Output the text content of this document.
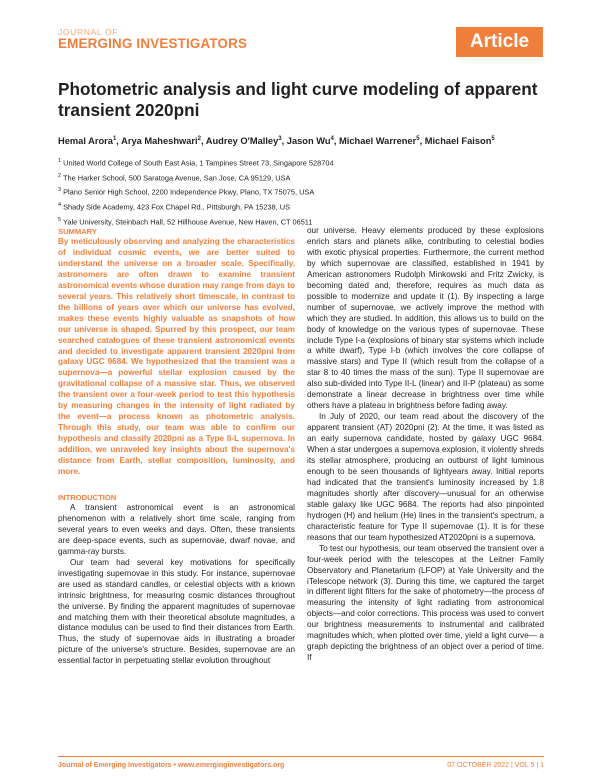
JOURNAL OF
EMERGING INVESTIGATORS	Article
Photometric analysis and light curve modeling of apparent transient 2020pni
Hemal Arora$^1$, Arya Maheshwari$^2$, Audrey O'Malley$^3$, Jason Wu$^4$, Michael Warrener$^5$, Michael Faison$^5$
$^1$ United World College of South East Asia, 1 Tampines Street 73, Singapore 528704
$^2$ The Harker School, 500 Saratoga Avenue, San Jose, CA 95129, USA
$^3$ Plano Senior High School, 2200 Independence Pkwy, Plano, TX 75075, USA
$^4$ Shady Side Academy, 423 Fox Chapel Rd., Pittsburgh, PA 15238, US
$^5$ Yale University, Steinbach Hall, 52 Hillhouse Avenue, New Haven, CT 06511
SUMMARY

By meticulously observing and analyzing the characteristics of individual cosmic events, we are better suited to understand the universe on a broader scale. Specifically, astronomers are often drawn to examine transient astronomical events whose duration may range from days to several years. This relatively short timescale, in contrast to the billions of years over which our universe has evolved, makes these events highly valuable as snapshots of how our universe is shaped. Spurred by this prospect, our team searched catalogues of these transient astronomical events and decided to investigate apparent transient 2020pni from galaxy UGC 9684. We hypothesized that the transient was a supernova—a powerful stellar explosion caused by the gravitational collapse of a massive star. Thus, we observed the transient over a four-week period to test this hypothesis by measuring changes in the intensity of light radiated by the event—a process known as photometric analysis. Through this study, our team was able to confirm our hypothesis and classify 2020pni as a Type II-L supernova. In addition, we unraveled key insights about the supernova's distance from Earth, stellar composition, luminosity, and more.

INTRODUCTION

A transient astronomical event is an astronomical phenomenon with a relatively short time scale, ranging from several years to even weeks and days. Often, these transients are deep-space events, such as supernovae, dwarf novae, and gamma-ray bursts.

Our team had several key motivations for specifically investigating supernovae in this study. For instance, supernovae are used as standard candles, or celestial objects with a known intrinsic brightness, for measuring cosmic distances throughout the universe. By finding the apparent magnitudes of supernovae and matching them with their theoretical absolute magnitudes, a distance modulus can be used to find their distances from Earth. Thus, the study of supernovae aids in illustrating a broader picture of the universe's structure. Besides, supernovae are an essential factor in perpetuating stellar evolution throughout

our universe. Heavy elements produced by these explosions enrich stars and planets alike, contributing to celestial bodies with exotic physical properties. Furthermore, the current method by which supernovae are classified, established in 1941 by American astronomers Rudolph Minkowski and Fritz Zwicky, is becoming dated and, therefore, requires as much data as possible to modernize and update it (1). By inspecting a large number of supernovae, we actively improve the method with which they are studied. In addition, this allows us to build on the body of knowledge on the various types of supernovae. These include Type I-a (explosions of binary star systems which include a white dwarf), Type I-b (which involves the core collapse of massive stars) and Type II (which result from the collapse of a star 8 to 40 times the mass of the sun). Type II supernovae are also sub-divided into Type II-L (linear) and II-P (plateau) as some demonstrate a linear decrease in brightness over time while others have a plateau in brightness before fading away.

In July of 2020, our team read about the discovery of the apparent transient (AT) 2020pni (2). At the time, it was listed as an early supernova candidate, hosted by galaxy UGC 9684. When a star undergoes a supernova explosion, it violently shreds its stellar atmosphere, producing an outburst of light luminous enough to be seen thousands of lightyears away. Initial reports had indicated that the transient's luminosity increased by 1.8 magnitudes shortly after discovery—unusual for an otherwise stable galaxy like UGC 9684. The reports had also pinpointed hydrogen (H) and helium (He) lines in the transient's spectrum, a characteristic feature for Type II supernovae (1). It is for these reasons that our team hypothesized AT2020pni is a supernova.

To test our hypothesis, our team observed the transient over a four-week period with the telescopes at the Leitner Family Observatory and Planetarium (LFOP) at Yale University and the iTelescope network (3). During this time, we captured the target in different light filters for the sake of photometry—the process of measuring the intensity of light radiating from astronomical objects—and color corrections. This process was used to convert our brightness measurements to instrumental and calibrated magnitudes which, when plotted over time, yield a light curve— a graph depicting the brightness of an object over a period of time. If

Journal of Emerging Investigators • www.emerginginvestigators.org	07 OCTOBER 2022 | VOL 5 | 1
